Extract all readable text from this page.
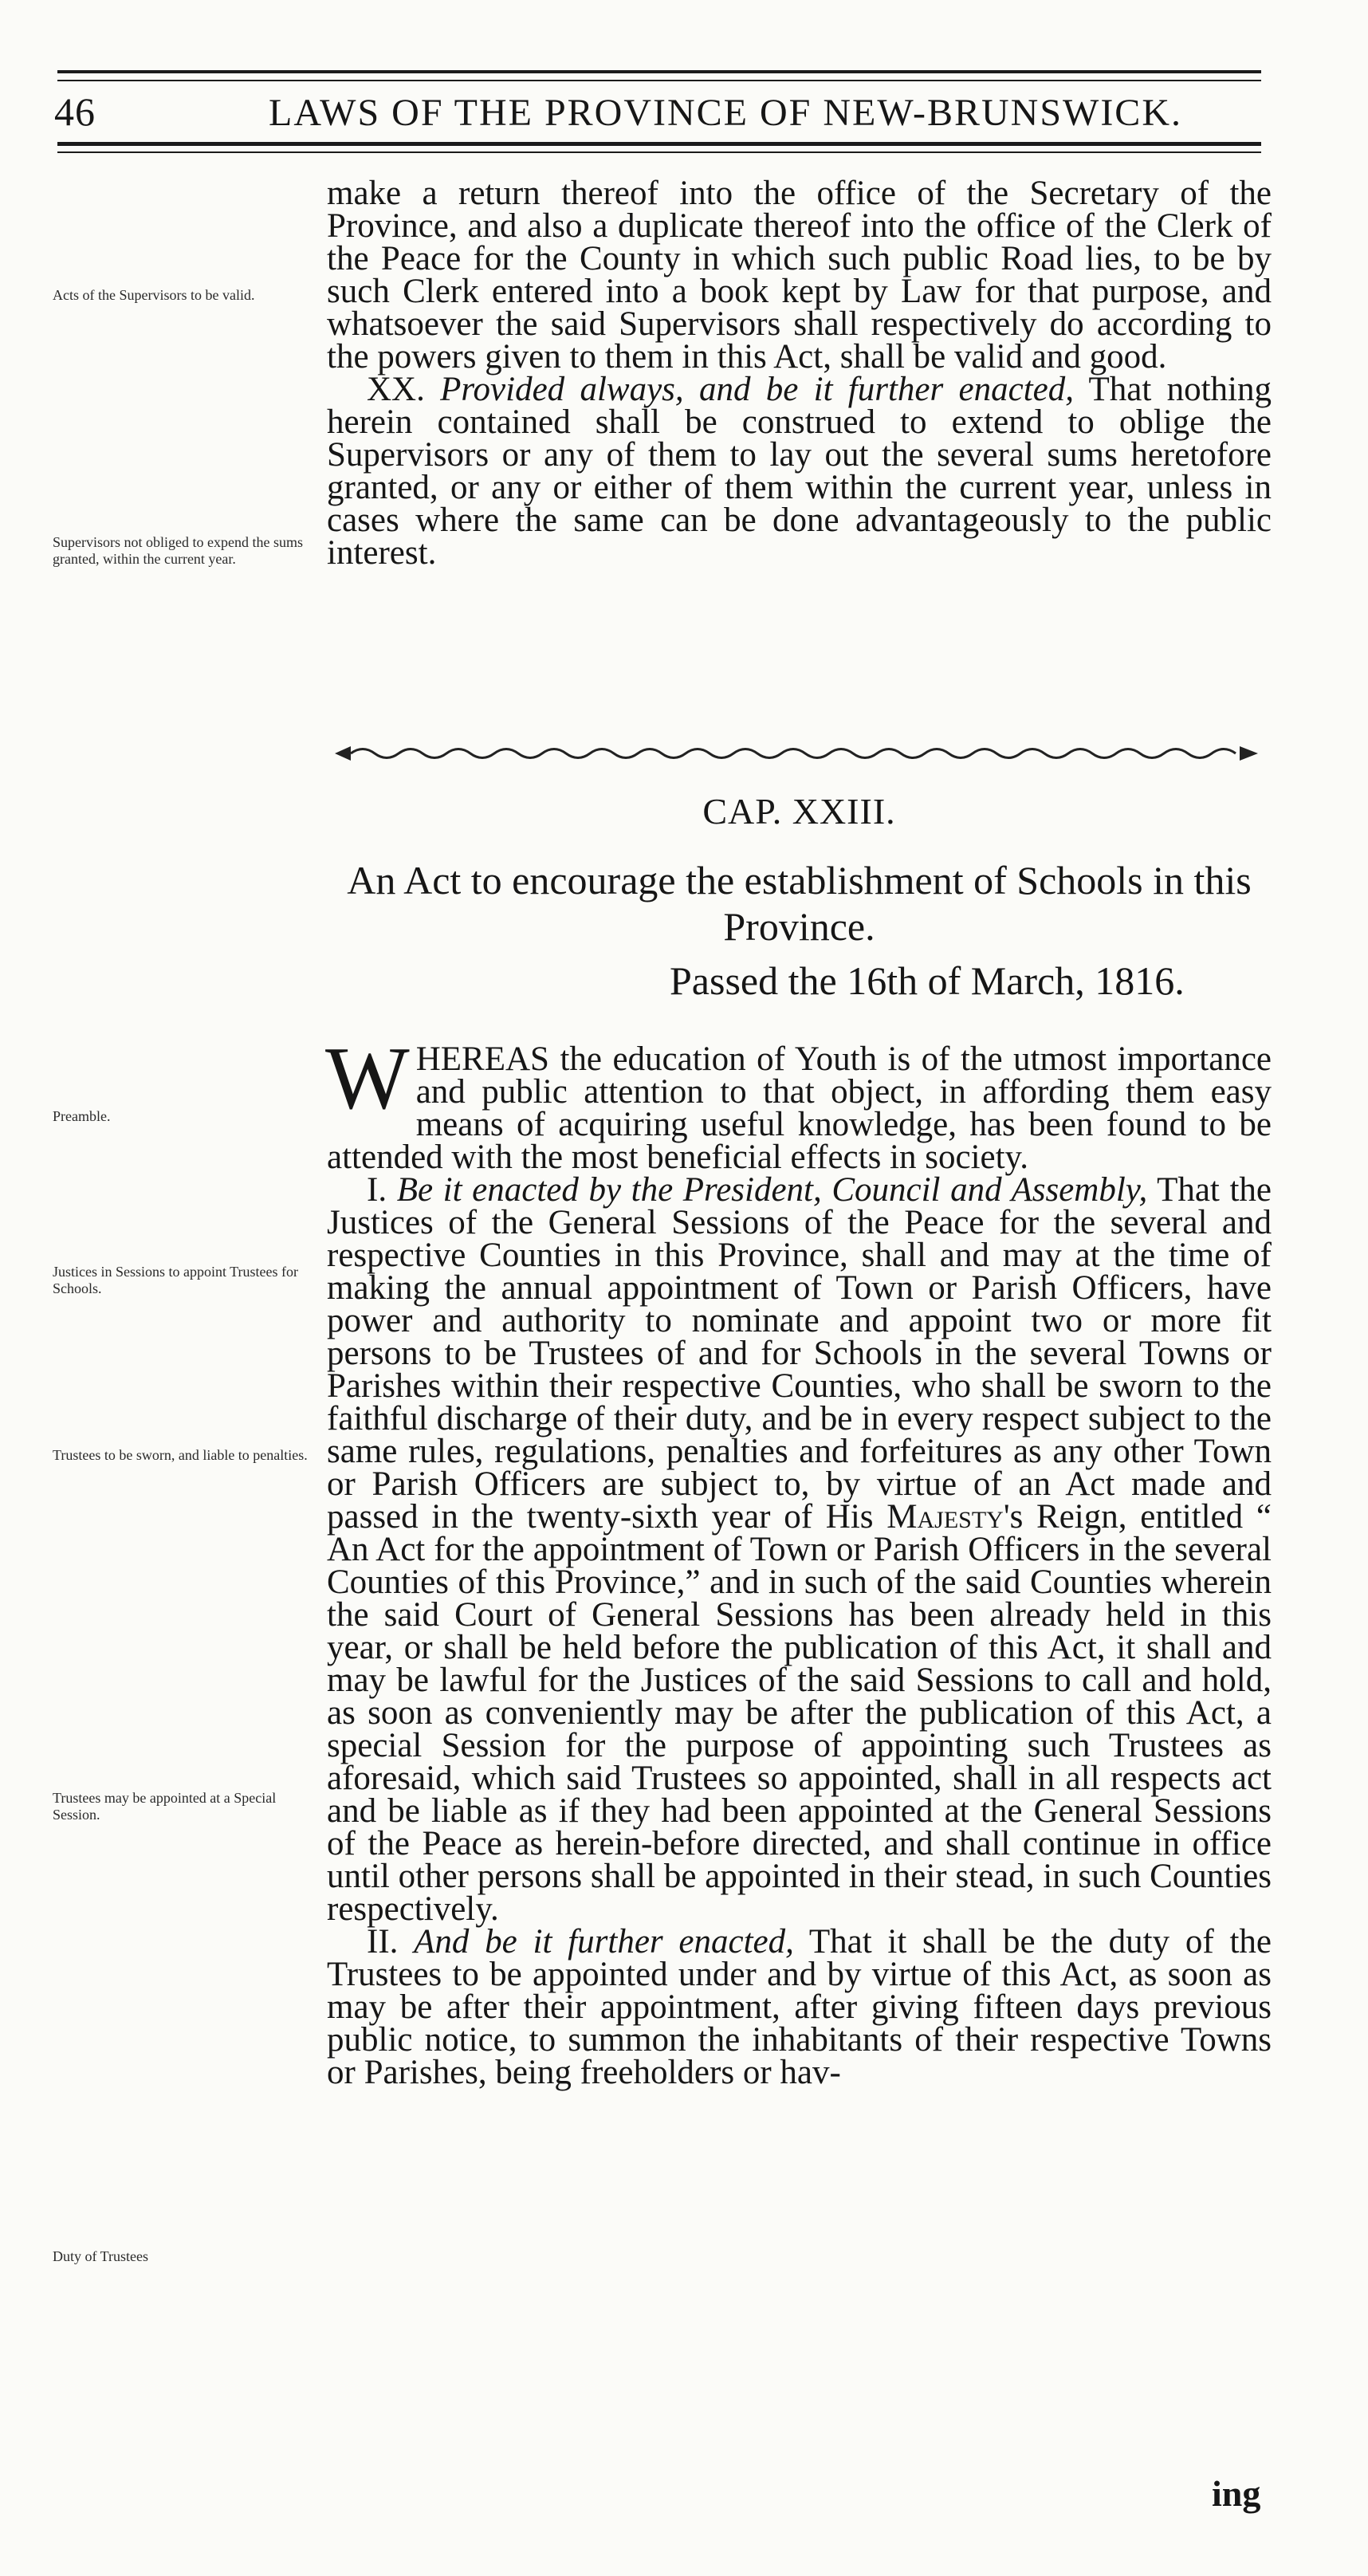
46	LAWS OF THE PROVINCE OF NEW-BRUNSWICK.

make a return thereof into the office of the Secretary of the Province, and also a duplicate thereof into the office of the Clerk of the Peace for the County in which such public Road lies, to be by such Clerk entered into a book kept by Law for that purpose, and whatsoever the said Supervisors shall respectively do according to the powers given to them in this Act, shall be valid and good.

XX. Provided always, and be it further enacted, That nothing herein contained shall be construed to extend to oblige the Supervisors or any of them to lay out the several sums heretofore granted, or any or either of them within the current year, unless in cases where the same can be done advantageously to the public interest.

Acts of the Supervisors to be valid.
Supervisors not obliged to expend the sums granted, within the current year.
CAP. XXIII.
An Act to encourage the establishment of Schools in this Province.
Passed the 16th of March, 1816.

WHEREAS the education of Youth is of the utmost importance and public attention to that object, in affording them easy means of acquiring useful knowledge, has been found to be attended with the most beneficial effects in society.

I. Be it enacted by the President, Council and Assembly, That the Justices of the General Sessions of the Peace for the several and respective Counties in this Province, shall and may at the time of making the annual appointment of Town or Parish Officers, have power and authority to nominate and appoint two or more fit persons to be Trustees of and for Schools in the several Towns or Parishes within their respective Counties, who shall be sworn to the faithful discharge of their duty, and be in every respect subject to the same rules, regulations, penalties and forfeitures as any other Town or Parish Officers are subject to, by virtue of an Act made and passed in the twenty-sixth year of His Majesty's Reign, entitled “ An Act for the appointment of Town or Parish Officers in the several Counties of this Province,” and in such of the said Counties wherein the said Court of General Sessions has been already held in this year, or shall be held before the publication of this Act, it shall and may be lawful for the Justices of the said Sessions to call and hold, as soon as conveniently may be after the publication of this Act, a special Session for the purpose of appointing such Trustees as aforesaid, which said Trustees so appointed, shall in all respects act and be liable as if they had been appointed at the General Sessions of the Peace as herein-before directed, and shall continue in office until other persons shall be appointed in their stead, in such Counties respectively.

II. And be it further enacted, That it shall be the duty of the Trustees to be appointed under and by virtue of this Act, as soon as may be after their appointment, after giving fifteen days previous public notice, to summon the inhabitants of their respective Towns or Parishes, being freeholders or hav-

Preamble.
Justices in Sessions to appoint Trustees for Schools.
Trustees to be sworn, and liable to penalties.
Trustees may be appointed at a Special Session.
Duty of Trustees
ing
